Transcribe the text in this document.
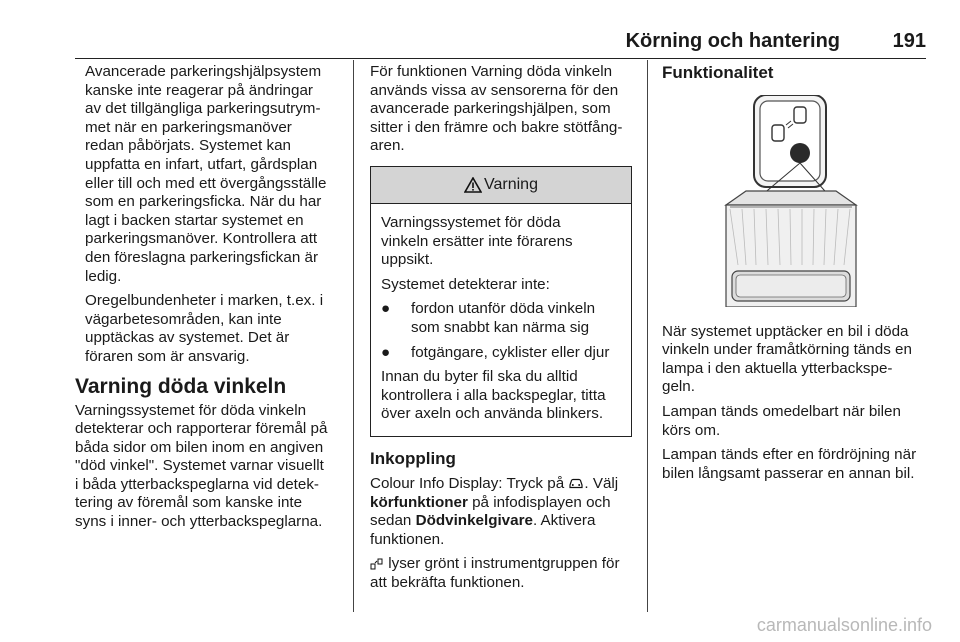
Körning och hantering	191

Avancerade parkeringshjälpsystem
kanske inte reagerar på ändringar
av det tillgängliga parkeringsutrym-
met när en parkeringsmanöver
redan påbörjats. Systemet kan
uppfatta en infart, utfart, gårdsplan
eller till och med ett övergångsställe
som en parkeringsficka. När du har
lagt i backen startar systemet en
parkeringsmanöver. Kontrollera att
den föreslagna parkeringsfickan är
ledig.

Oregelbundenheter i marken, t.ex. i
vägarbetesområden, kan inte
upptäckas av systemet. Det är
föraren som är ansvarig.

Varning döda vinkeln

Varningssystemet för döda vinkeln
detekterar och rapporterar föremål på
båda sidor om bilen inom en angiven
"död vinkel". Systemet varnar visuellt
i båda ytterbackspeglarna vid detek-
tering av föremål som kanske inte
syns i inner- och ytterbackspeglarna.

För funktionen Varning döda vinkeln
används vissa av sensorerna för den
avancerade parkeringshjälpen, som
sitter i den främre och bakre stötfång-
aren.

Varning

Varningssystemet för döda
vinkeln ersätter inte förarens
uppsikt.

Systemet detekterar inte:

●	fordon utanför döda vinkeln
som snabbt kan närma sig
●	fotgängare, cyklister eller djur

Innan du byter fil ska du alltid
kontrollera i alla backspeglar, titta
över axeln och använda blinkers.

Inkoppling

Colour Info Display: Tryck på . Välj
körfunktioner på infodisplayen och
sedan Dödvinkelgivare. Aktivera
funktionen.

lyser grönt i instrumentgruppen för
att bekräfta funktionen.

Funktionalitet

När systemet upptäcker en bil i döda
vinkeln under framåtkörning tänds en
lampa i den aktuella ytterbackspe-
geln.

Lampan tänds omedelbart när bilen
körs om.

Lampan tänds efter en fördröjning när
bilen långsamt passerar en annan bil.

carmanualsonline.info
